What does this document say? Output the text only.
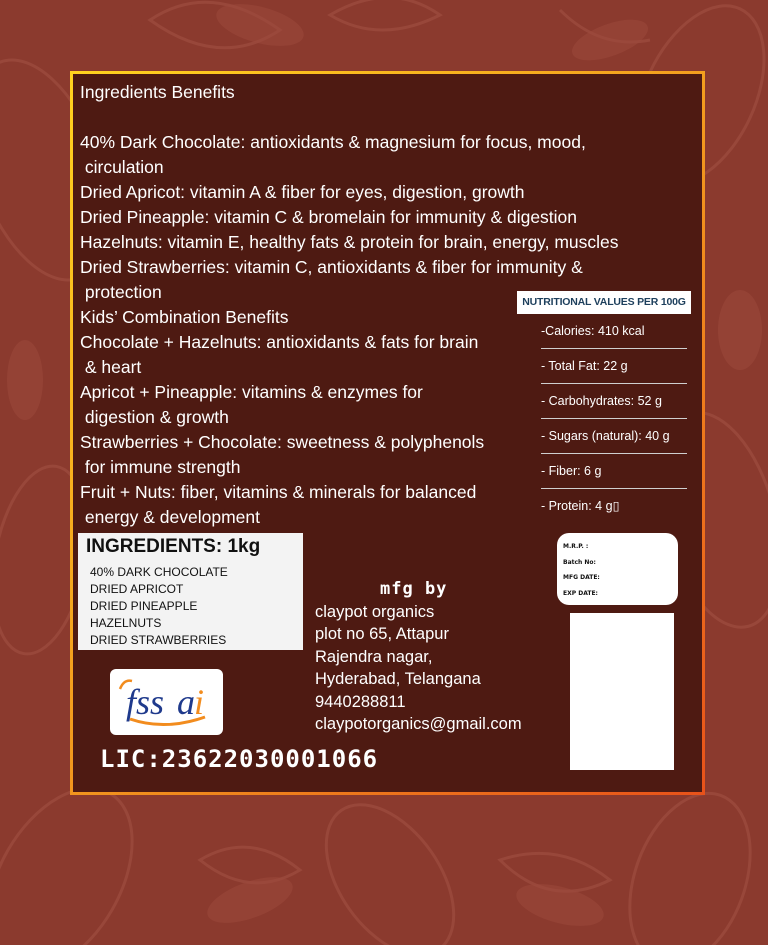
Ingredients Benefits
40% Dark Chocolate: antioxidants & magnesium for focus, mood,
circulation
Dried Apricot: vitamin A & fiber for eyes, digestion, growth
Dried Pineapple: vitamin C & bromelain for immunity & digestion
Hazelnuts: vitamin E, healthy fats & protein for brain, energy, muscles
Dried Strawberries: vitamin C, antioxidants & fiber for immunity &
protection
Kids’ Combination Benefits
Chocolate + Hazelnuts: antioxidants & fats for brain
& heart
Apricot + Pineapple: vitamins & enzymes for
digestion & growth
Strawberries + Chocolate: sweetness & polyphenols
for immune strength
Fruit + Nuts: fiber, vitamins & minerals for balanced
energy & development
NUTRITIONAL VALUES PER 100G
-Calories: 410 kcal
- Total Fat: 22 g
- Carbohydrates: 52 g
- Sugars (natural): 40 g
- Fiber: 6 g
- Protein: 4 g▯
INGREDIENTS: 1kg
40% DARK CHOCOLATE
DRIED APRICOT
DRIED PINEAPPLE
HAZELNUTS
DRIED STRAWBERRIES
fss a i
LIC:23622030001066
mfg by
claypot organics
plot no 65, Attapur
Rajendra nagar,
Hyderabad, Telangana
9440288811
claypotorganics@gmail.com
M.R.P. :
Batch No:
MFG DATE:
EXP DATE:
